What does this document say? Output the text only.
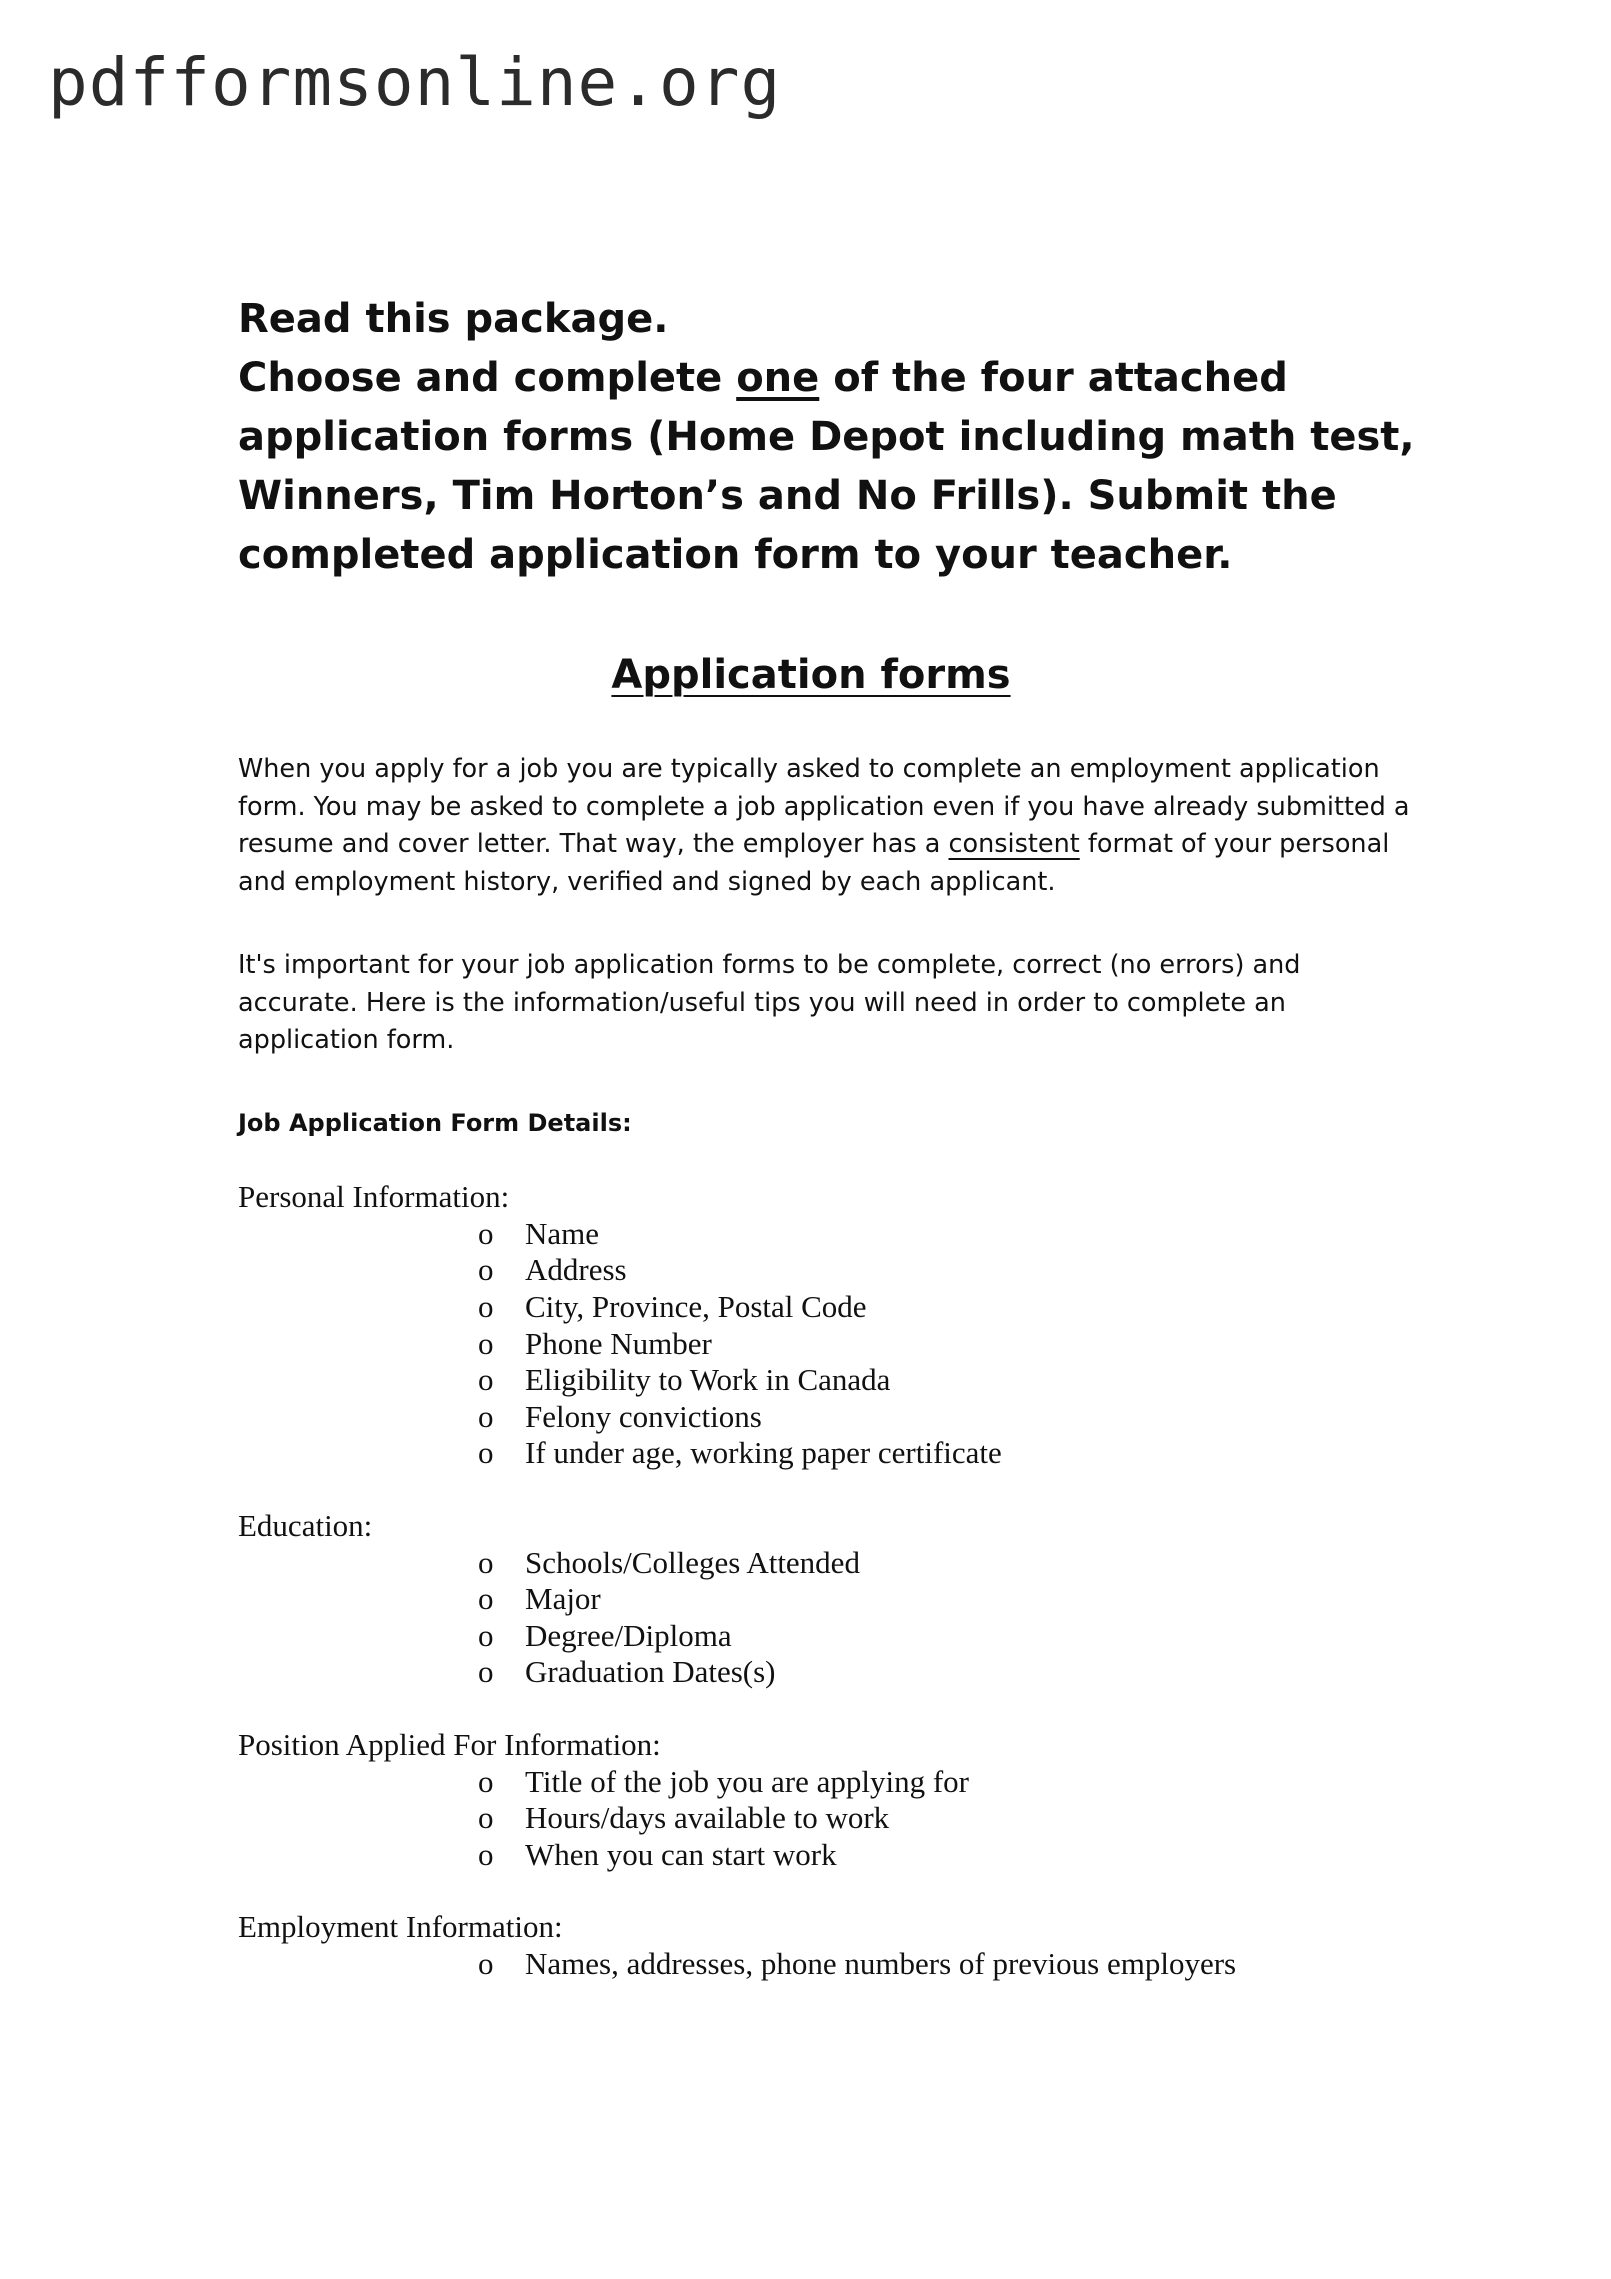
pdfformsonline.org

Read this package.

Choose and complete one of the four attached application forms (Home Depot including math test, Winners, Tim Horton’s and No Frills). Submit the completed application form to your teacher.

Application forms

When you apply for a job you are typically asked to complete an employment application form. You may be asked to complete a job application even if you have already submitted a resume and cover letter. That way, the employer has a consistent format of your personal and employment history, verified and signed by each applicant.

It's important for your job application forms to be complete, correct (no errors) and accurate. Here is the information/useful tips you will need in order to complete an application form.

Job Application Form Details:

Personal Information:

o Name
o Address
o City, Province, Postal Code
o Phone Number
o Eligibility to Work in Canada
o Felony convictions
o If under age, working paper certificate

Education:

o Schools/Colleges Attended
o Major
o Degree/Diploma
o Graduation Dates(s)

Position Applied For Information:

o Title of the job you are applying for
o Hours/days available to work
o When you can start work

Employment Information:

o Names, addresses, phone numbers of previous employers
